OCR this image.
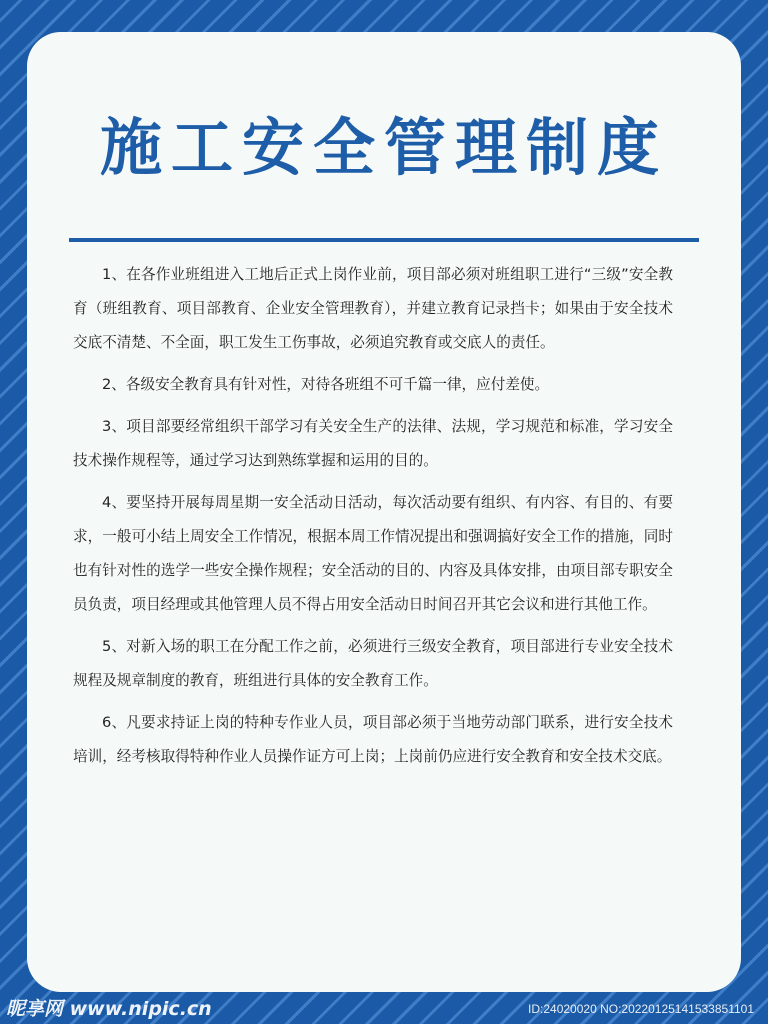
施工安全管理制度

1、在各作业班组进入工地后正式上岗作业前，项目部必须对班组职工进行“三级”安全教育（班组教育、项目部教育、企业安全管理教育），并建立教育记录挡卡；如果由于安全技术交底不清楚、不全面，职工发生工伤事故，必须追究教育或交底人的责任。

2、各级安全教育具有针对性，对待各班组不可千篇一律，应付差使。

3、项目部要经常组织干部学习有关安全生产的法律、法规，学习规范和标准，学习安全技术操作规程等，通过学习达到熟练掌握和运用的目的。

4、要坚持开展每周星期一安全活动日活动，每次活动要有组织、有内容、有目的、有要求，一般可小结上周安全工作情况，根据本周工作情况提出和强调搞好安全工作的措施，同时也有针对性的选学一些安全操作规程；安全活动的目的、内容及具体安排，由项目部专职安全员负责，项目经理或其他管理人员不得占用安全活动日时间召开其它会议和进行其他工作。

5、对新入场的职工在分配工作之前，必须进行三级安全教育，项目部进行专业安全技术规程及规章制度的教育，班组进行具体的安全教育工作。

6、凡要求持证上岗的特种专作业人员，项目部必须于当地劳动部门联系，进行安全技术培训，经考核取得特种作业人员操作证方可上岗；上岗前仍应进行安全教育和安全技术交底。

昵享网 www.nipic.cn	ID:24020020 NO:20220125141533851101
